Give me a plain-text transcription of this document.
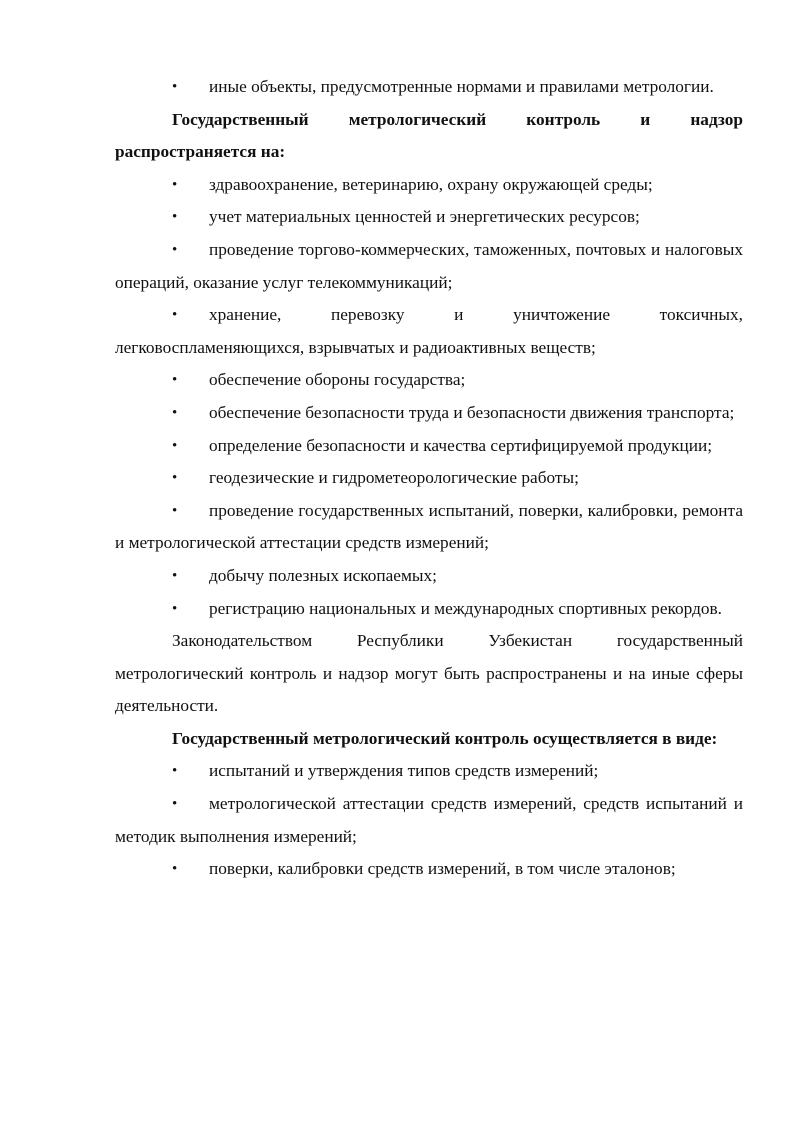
• иные объекты, предусмотренные нормами и правилами метрологии.

Государственный метрологический контроль и надзор распространяется на:

• здравоохранение, ветеринарию, охрану окружающей среды;

• учет материальных ценностей и энергетических ресурсов;

• проведение торгово-коммерческих, таможенных, почтовых и налоговых операций, оказание услуг телекоммуникаций;

• хранение, перевозку и уничтожение токсичных, легковоспламеняющихся, взрывчатых и радиоактивных веществ;

• обеспечение обороны государства;

• обеспечение безопасности труда и безопасности движения транспорта;

• определение безопасности и качества сертифицируемой продукции;

• геодезические и гидрометеорологические работы;

• проведение государственных испытаний, поверки, калибровки, ремонта и метрологической аттестации средств измерений;

• добычу полезных ископаемых;

• регистрацию национальных и международных спортивных рекордов.

Законодательством Республики Узбекистан государственный метрологический контроль и надзор могут быть распространены и на иные сферы деятельности.

Государственный метрологический контроль осуществляется в виде:

• испытаний и утверждения типов средств измерений;

• метрологической аттестации средств измерений, средств испытаний и методик выполнения измерений;

• поверки, калибровки средств измерений, в том числе эталонов;
